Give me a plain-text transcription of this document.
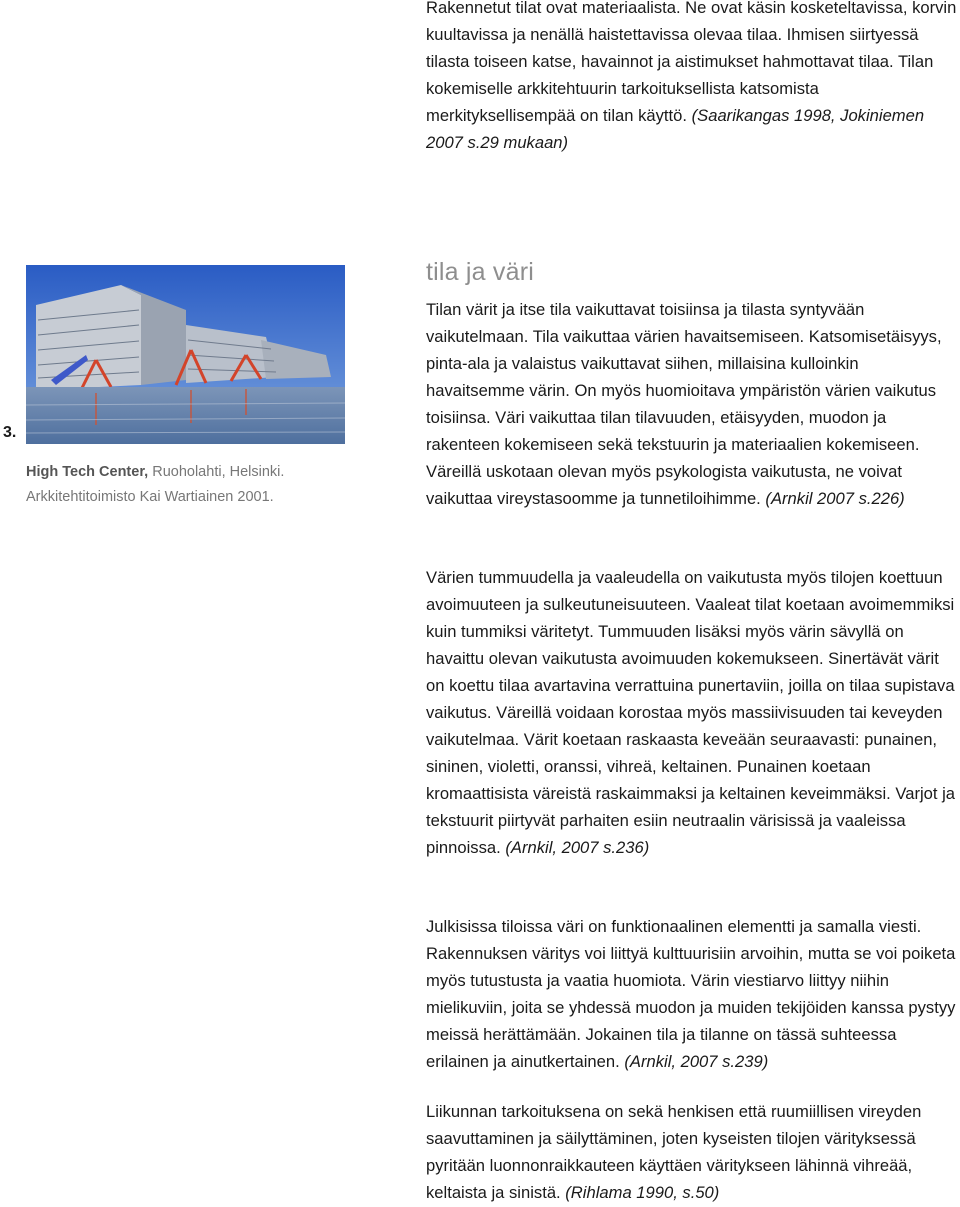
Rakennetut tilat ovat materiaalista. Ne ovat käsin kosketeltavissa, korvin kuultavissa ja nenällä haistettavissa olevaa tilaa. Ihmisen siirtyessä tilasta toiseen katse, havainnot ja aistimukset hahmottavat tilaa. Tilan kokemiselle arkkitehtuurin tarkoituksellista katsomista merkityksellisempää on tilan käyttö. (Saarikangas 1998, Jokiniemen 2007 s.29 mukaan)
3.
High Tech Center, Ruoholahti, Helsinki.
Arkkitehtitoimisto Kai Wartiainen 2001.
tila ja väri
Tilan värit ja itse tila vaikuttavat toisiinsa ja tilasta syntyvään vaikutelmaan. Tila vaikuttaa värien havaitsemiseen. Katsomisetäisyys, pinta-ala ja valaistus vaikuttavat siihen, millaisina kulloinkin havaitsemme värin. On myös huomioitava ympäristön värien vaikutus toisiinsa. Väri vaikuttaa tilan tilavuuden, etäisyyden, muodon ja rakenteen kokemiseen sekä tekstuurin ja materiaalien kokemiseen. Väreillä uskotaan olevan myös psykologista vaikutusta, ne voivat vaikuttaa vireystasoomme ja tunnetiloihimme. (Arnkil 2007 s.226)
Värien tummuudella ja vaaleudella on vaikutusta myös tilojen koettuun avoimuuteen ja sulkeutuneisuuteen. Vaaleat tilat koetaan avoimemmiksi kuin tummiksi väritetyt. Tummuuden lisäksi myös värin sävyllä on havaittu olevan vaikutusta avoimuuden kokemukseen. Sinertävät värit on koettu tilaa avartavina verrattuina punertaviin, joilla on tilaa supistava vaikutus. Väreillä voidaan korostaa myös massiivisuuden tai keveyden vaikutelmaa. Värit koetaan raskaasta keveään seuraavasti: punainen, sininen, violetti, oranssi, vihreä, keltainen. Punainen koetaan kromaattisista väreistä raskaimmaksi ja keltainen keveimmäksi. Varjot ja tekstuurit piirtyvät parhaiten esiin neutraalin värisissä ja vaaleissa pinnoissa. (Arnkil, 2007 s.236)
Julkisissa tiloissa väri on funktionaalinen elementti ja samalla viesti. Rakennuksen väritys voi liittyä kulttuurisiin arvoihin, mutta se voi poiketa myös tutustusta ja vaatia huomiota. Värin viestiarvo liittyy niihin mielikuviin, joita se yhdessä muodon ja muiden tekijöiden kanssa pystyy meissä herättämään. Jokainen tila ja tilanne on tässä suhteessa erilainen ja ainutkertainen. (Arnkil, 2007 s.239)
Liikunnan tarkoituksena on sekä henkisen että ruumiillisen vireyden saavuttaminen ja säilyttäminen, joten kyseisten tilojen värityksessä pyritään luonnonraikkauteen käyttäen väritykseen lähinnä vihreää, keltaista ja sinistä. (Rihlama 1990, s.50)
